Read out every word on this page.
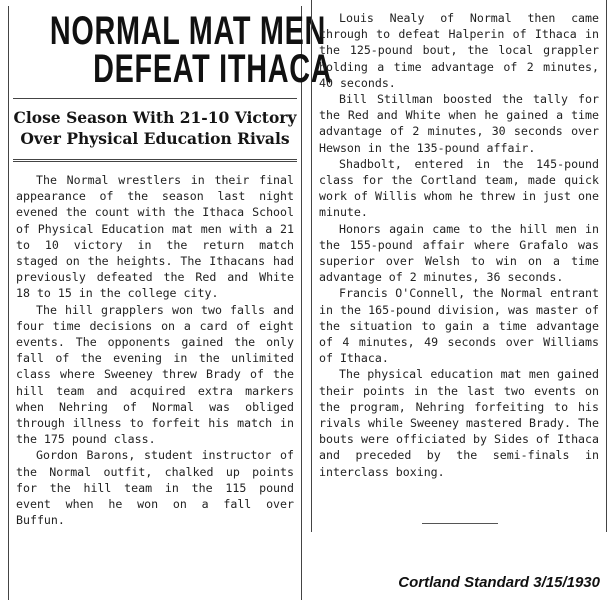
NORMAL MAT MEN
DEFEAT ITHACA
Close Season With 21-10 Victory
Over Physical Education Rivals

The Normal wrestlers in their final appearance of the season last night evened the count with the Ithaca School of Physical Education mat men with a 21 to 10 victory in the return match staged on the heights. The Ithacans had previously defeated the Red and White 18 to 15 in the college city.

The hill grapplers won two falls and four time decisions on a card of eight events. The opponents gained the only fall of the evening in the unlimited class where Sweeney threw Brady of the hill team and acquired extra markers when Nehring of Normal was obliged through illness to forfeit his match in the 175 pound class.

Gordon Barons, student instructor of the Normal outfit, chalked up points for the hill team in the 115 pound event when he won on a fall over Buffun.

Louis Nealy of Normal then came through to defeat Halperin of Ithaca in the 125-pound bout, the local grappler holding a time advantage of 2 minutes, 40 seconds.

Bill Stillman boosted the tally for the Red and White when he gained a time advantage of 2 minutes, 30 seconds over Hewson in the 135-pound affair.

Shadbolt, entered in the 145-pound class for the Cortland team, made quick work of Willis whom he threw in just one minute.

Honors again came to the hill men in the 155-pound affair where Grafalo was superior over Welsh to win on a time advantage of 2 minutes, 36 seconds.

Francis O'Connell, the Normal entrant in the 165-pound division, was master of the situation to gain a time advantage of 4 minutes, 49 seconds over Williams of Ithaca.

The physical education mat men gained their points in the last two events on the program, Nehring forfeiting to his rivals while Sweeney mastered Brady. The bouts were officiated by Sides of Ithaca and preceded by the semi-finals in interclass boxing.

Cortland Standard 3/15/1930
